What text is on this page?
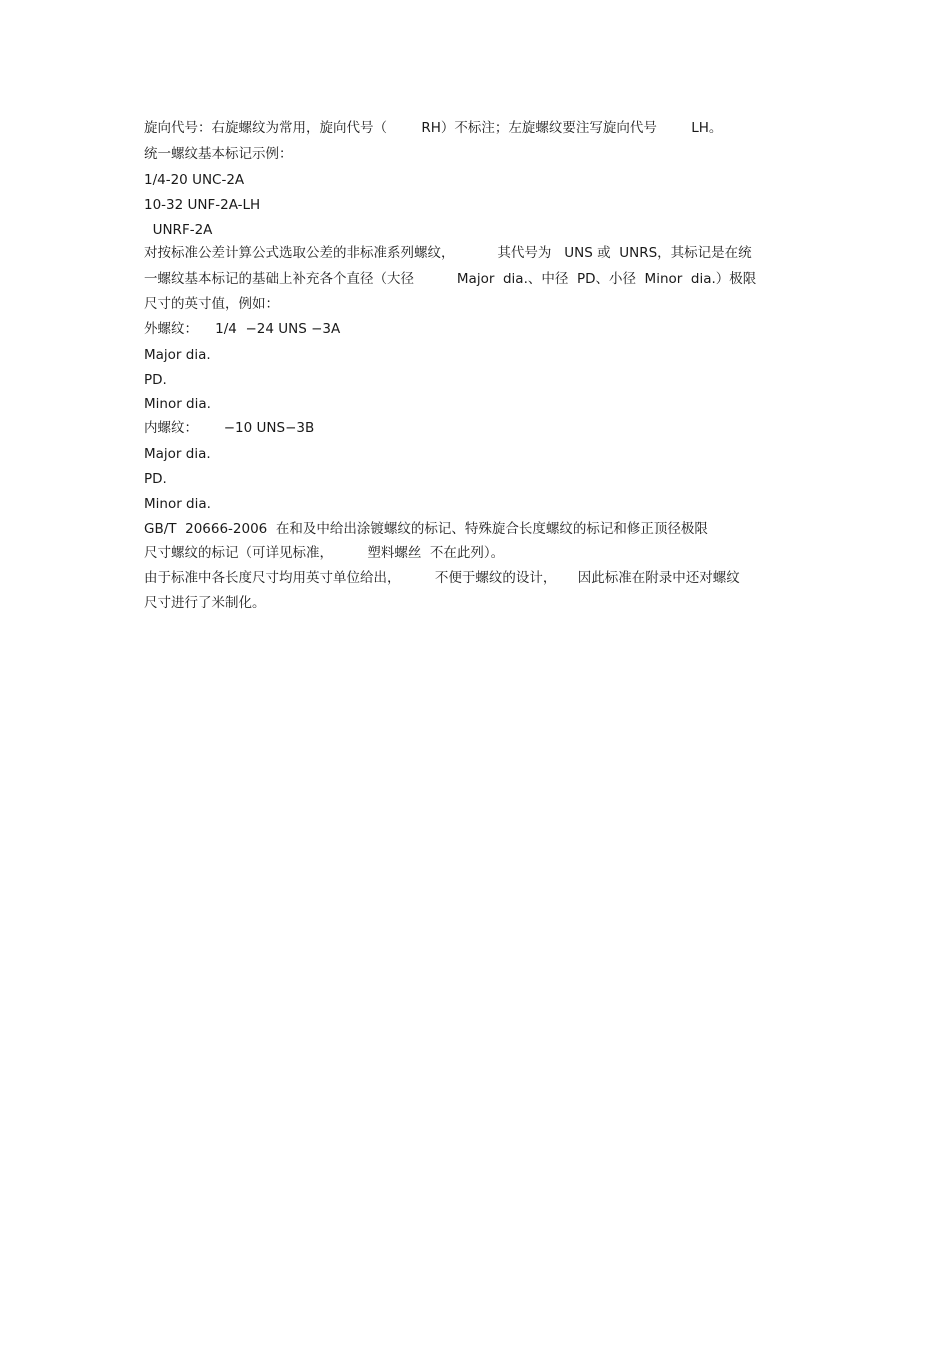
旋向代号：右旋螺纹为常用，旋向代号（        RH）不标注；左旋螺纹要注写旋向代号        LH。
统一螺纹基本标记示例：
1/4-20 UNC-2A
10-32 UNF-2A-LH
UNRF-2A
对按标准公差计算公式选取公差的非标准系列螺纹，          其代号为   UNS 或  UNRS，其标记是在统
一螺纹基本标记的基础上补充各个直径（大径          Major  dia.、中径  PD、小径  Minor  dia.）极限
尺寸的英寸值，例如：
外螺纹：    1/4  −24 UNS −3A
Major dia.
PD.
Minor dia.
内螺纹：      −10 UNS−3B
Major dia.
PD.
Minor dia.
GB/T  20666-2006  在和及中给出涂镀螺纹的标记、特殊旋合长度螺纹的标记和修正顶径极限
尺寸螺纹的标记（可详见标准，        塑料螺丝  不在此列）。
由于标准中各长度尺寸均用英寸单位给出，        不便于螺纹的设计，     因此标准在附录中还对螺纹
尺寸进行了米制化。
